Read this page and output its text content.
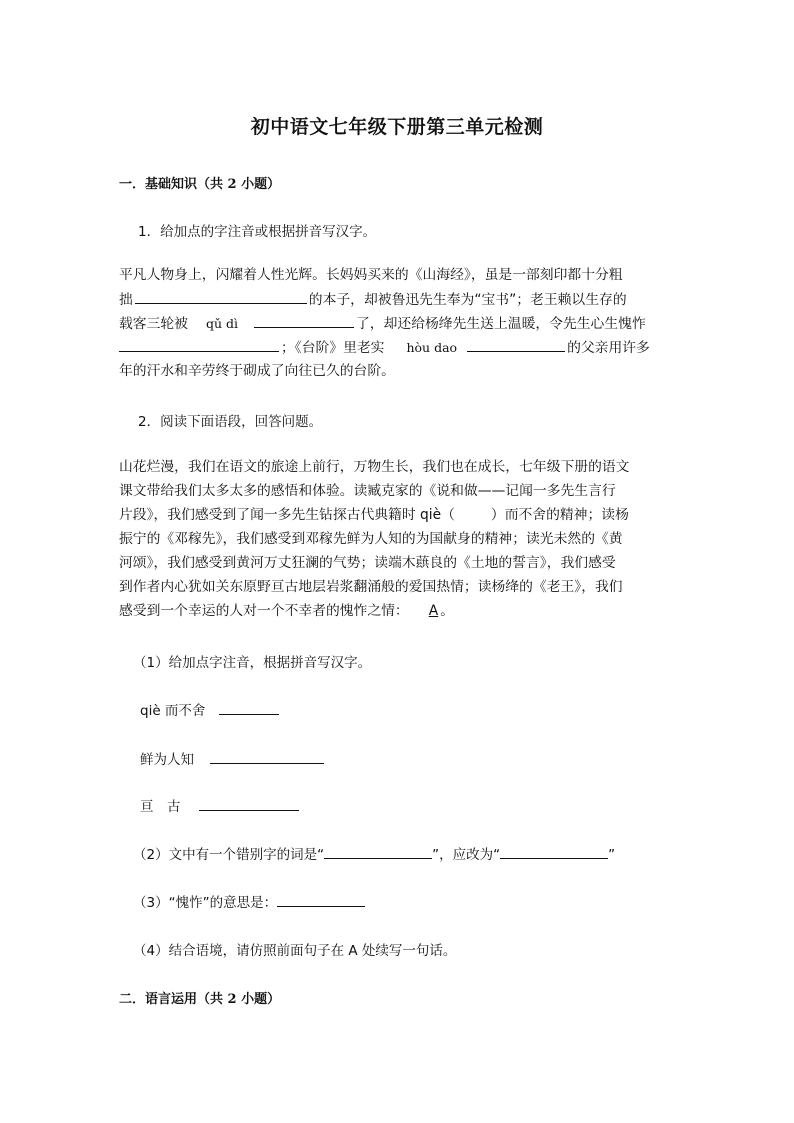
初中语文七年级下册第三单元检测
一．基础知识（共 2 小题）
1．给加点的字注音或根据拼音写汉字。
平凡人物身上，闪耀着人性光辉。长妈妈买来的《山海经》，虽是一部刻印都十分粗
拙	的本子，却被鲁迅先生奉为“宝书”；老王赖以生存的
载客三轮被 qǔ dì	了，却还给杨绛先生送上温暖，令先生心生愧怍
；《台阶》里老实 hòu dao	的父亲用许多
年的汗水和辛劳终于砌成了向往已久的台阶。
2．阅读下面语段，回答问题。
山花烂漫，我们在语文的旅途上前行，万物生长，我们也在成长，七年级下册的语文
课文带给我们太多太多的感悟和体验。读臧克家的《说和做——记闻一多先生言行
片段》，我们感受到了闻一多先生钻探古代典籍时 qiè（	）而不舍的精神；读杨
振宁的《邓稼先》，我们感受到邓稼先鲜为人知的为国献身的精神；读光未然的《黄
河颂》，我们感受到黄河万丈狂澜的气势；读端木蕻良的《土地的誓言》，我们感受
到作者内心犹如关东原野亘古地层岩浆翻涌般的爱国热情；读杨绛的《老王》，我们
感受到一个幸运的人对一个不幸者的愧怍之情： A 。
（1）给加点字注音，根据拼音写汉字。
qiè 而不舍
鲜为人知
亘　古
（2）文中有一个错别字的词是“	”，应改为“	”
（3）“愧怍”的意思是：
（4）结合语境，请仿照前面句子在 A 处续写一句话。
二．语言运用（共 2 小题）
